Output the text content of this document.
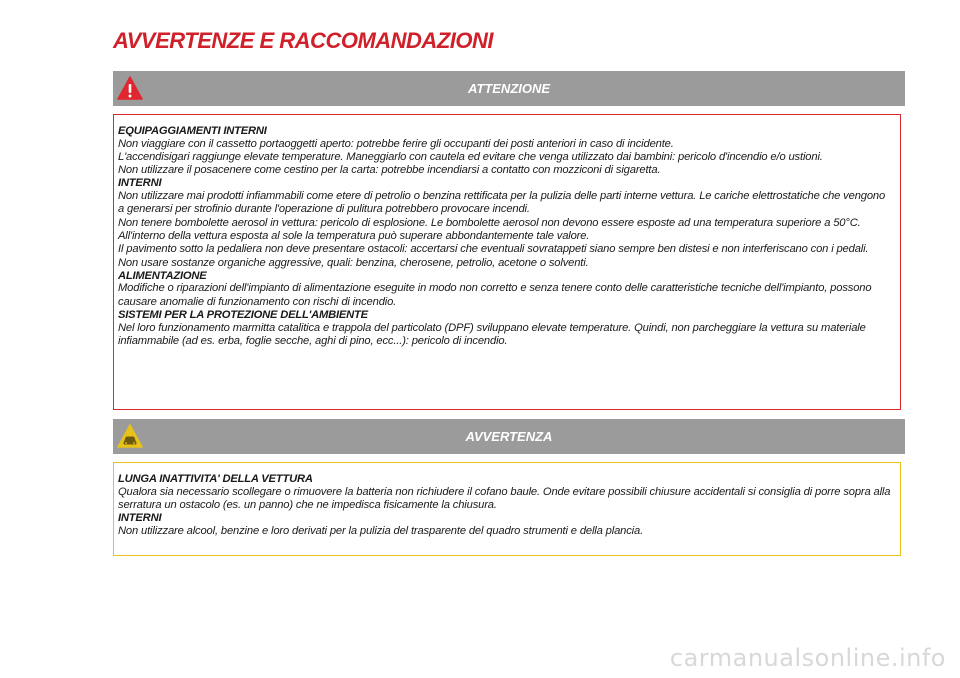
AVVERTENZE E RACCOMANDAZIONI
ATTENZIONE

EQUIPAGGIAMENTI INTERNI

Non viaggiare con il cassetto portaoggetti aperto: potrebbe ferire gli occupanti dei posti anteriori in caso di incidente.

L'accendisigari raggiunge elevate temperature. Maneggiarlo con cautela ed evitare che venga utilizzato dai bambini: pericolo d'incendio e/o ustioni.

Non utilizzare il posacenere come cestino per la carta: potrebbe incendiarsi a contatto con mozziconi di sigaretta.

INTERNI

Non utilizzare mai prodotti infiammabili come etere di petrolio o benzina rettificata per la pulizia delle parti interne vettura. Le cariche elettrostatiche che vengono a generarsi per strofinio durante l'operazione di pulitura potrebbero provocare incendi.

Non tenere bombolette aerosol in vettura: pericolo di esplosione. Le bombolette aerosol non devono essere esposte ad una temperatura superiore a 50°C. All'interno della vettura esposta al sole la temperatura può superare abbondantemente tale valore.

Il pavimento sotto la pedaliera non deve presentare ostacoli: accertarsi che eventuali sovratappeti siano sempre ben distesi e non interferiscano con i pedali.

Non usare sostanze organiche aggressive, quali: benzina, cherosene, petrolio, acetone o solventi.

ALIMENTAZIONE

Modifiche o riparazioni dell'impianto di alimentazione eseguite in modo non corretto e senza tenere conto delle caratteristiche tecniche dell'impianto, possono causare anomalie di funzionamento con rischi di incendio.

SISTEMI PER LA PROTEZIONE DELL'AMBIENTE

Nel loro funzionamento marmitta catalitica e trappola del particolato (DPF) sviluppano elevate temperature. Quindi, non parcheggiare la vettura su materiale infiammabile (ad es. erba, foglie secche, aghi di pino, ecc...): pericolo di incendio.

AVVERTENZA

LUNGA INATTIVITA' DELLA VETTURA

Qualora sia necessario scollegare o rimuovere la batteria non richiudere il cofano baule. Onde evitare possibili chiusure accidentali si consiglia di porre sopra alla serratura un ostacolo (es. un panno) che ne impedisca fisicamente la chiusura.

INTERNI

Non utilizzare alcool, benzine e loro derivati per la pulizia del trasparente del quadro strumenti e della plancia.

carmanualsonline.info
